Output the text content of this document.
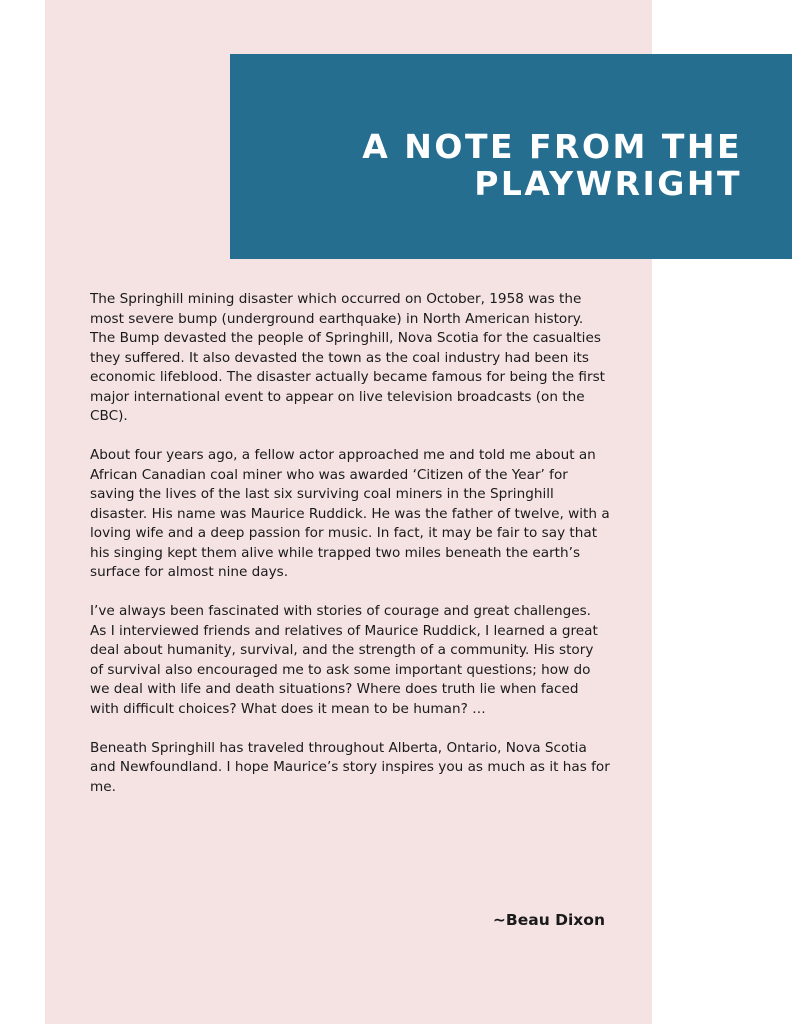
A NOTE FROM THE
PLAYWRIGHT

The Springhill mining disaster which occurred on October, 1958 was the most severe bump (underground earthquake) in North American history. The Bump devasted the people of Springhill, Nova Scotia for the casualties they suffered. It also devasted the town as the coal industry had been its economic lifeblood. The disaster actually became famous for being the first major international event to appear on live television broadcasts (on the CBC).

About four years ago, a fellow actor approached me and told me about an African Canadian coal miner who was awarded ‘Citizen of the Year’ for saving the lives of the last six surviving coal miners in the Springhill disaster. His name was Maurice Ruddick. He was the father of twelve, with a loving wife and a deep passion for music. In fact, it may be fair to say that his singing kept them alive while trapped two miles beneath the earth’s surface for almost nine days.

I’ve always been fascinated with stories of courage and great challenges. As I interviewed friends and relatives of Maurice Ruddick, I learned a great deal about humanity, survival, and the strength of a community. His story of survival also encouraged me to ask some important questions; how do we deal with life and death situations? Where does truth lie when faced with difficult choices? What does it mean to be human? …

Beneath Springhill has traveled throughout Alberta, Ontario, Nova Scotia and Newfoundland. I hope Maurice’s story inspires you as much as it has for me.

~Beau Dixon
